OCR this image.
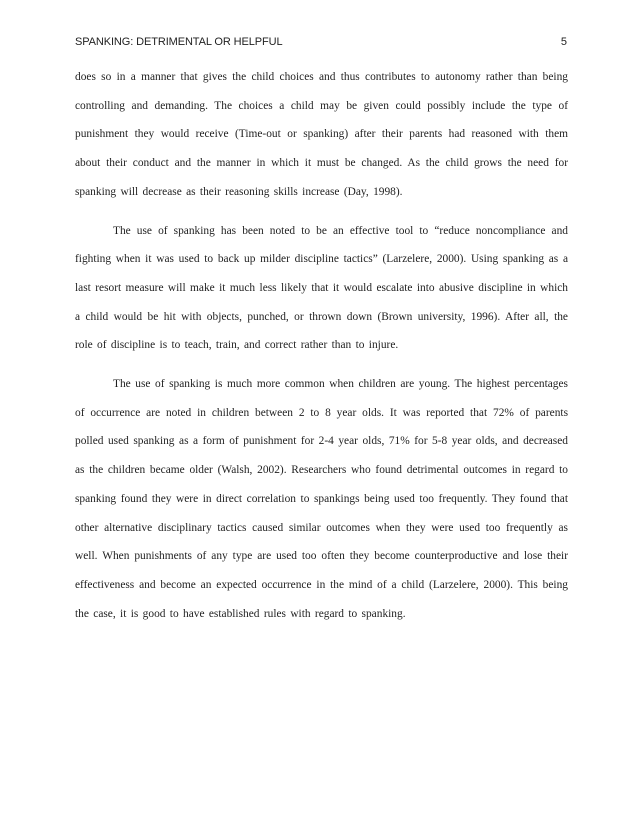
SPANKING: DETRIMENTAL OR HELPFUL	5

does so in a manner that gives the child choices and thus contributes to autonomy rather than being controlling and demanding. The choices a child may be given could possibly include the type of punishment they would receive (Time-out or spanking) after their parents had reasoned with them about their conduct and the manner in which it must be changed. As the child grows the need for spanking will decrease as their reasoning skills increase (Day, 1998).

The use of spanking has been noted to be an effective tool to “reduce noncompliance and fighting when it was used to back up milder discipline tactics” (Larzelere, 2000). Using spanking as a last resort measure will make it much less likely that it would escalate into abusive discipline in which a child would be hit with objects, punched, or thrown down (Brown university, 1996). After all, the role of discipline is to teach, train, and correct rather than to injure.

The use of spanking is much more common when children are young. The highest percentages of occurrence are noted in children between 2 to 8 year olds. It was reported that 72% of parents polled used spanking as a form of punishment for 2-4 year olds, 71% for 5-8 year olds, and decreased as the children became older (Walsh, 2002). Researchers who found detrimental outcomes in regard to spanking found they were in direct correlation to spankings being used too frequently. They found that other alternative disciplinary tactics caused similar outcomes when they were used too frequently as well. When punishments of any type are used too often they become counterproductive and lose their effectiveness and become an expected occurrence in the mind of a child (Larzelere, 2000). This being the case, it is good to have established rules with regard to spanking.
